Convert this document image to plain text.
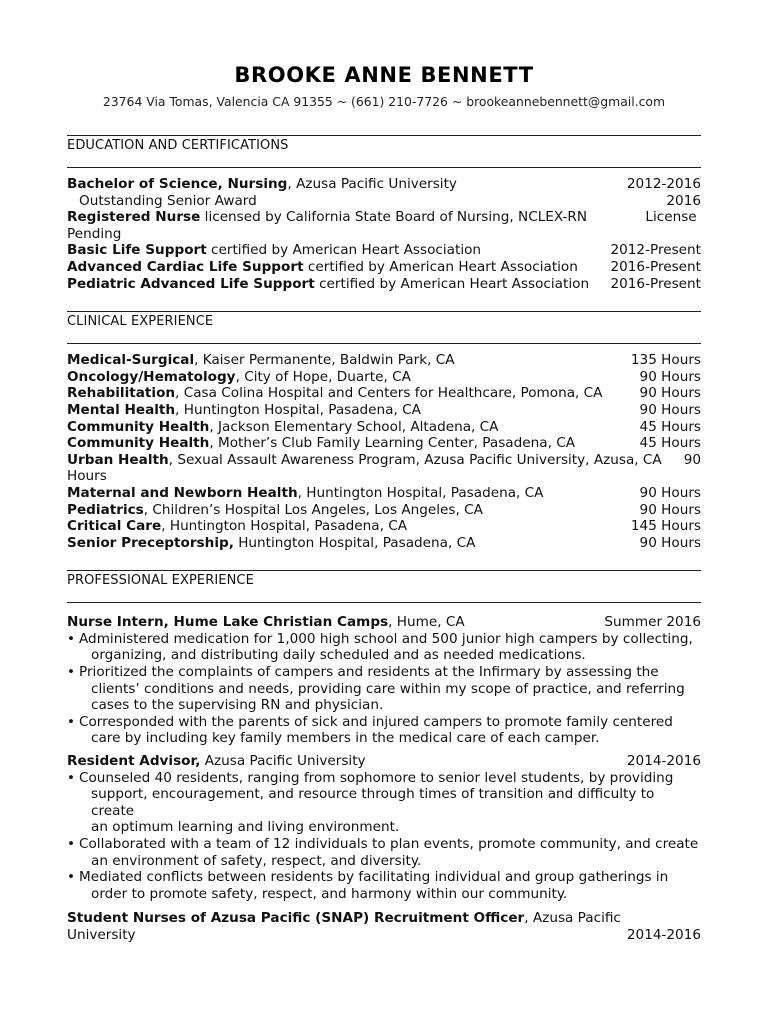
BROOKE ANNE BENNETT
23764 Via Tomas, Valencia CA 91355 ~ (661) 210-7726 ~ brookeannebennett@gmail.com
EDUCATION AND CERTIFICATIONS
Bachelor of Science, Nursing, Azusa Pacific University	2012-2016
Outstanding Senior Award	2016
Registered Nurse licensed by California State Board of Nursing, NCLEX-RN	License
Pending
Basic Life Support certified by American Heart Association	2012-Present
Advanced Cardiac Life Support certified by American Heart Association	2016-Present
Pediatric Advanced Life Support certified by American Heart Association	2016-Present
CLINICAL EXPERIENCE
Medical-Surgical, Kaiser Permanente, Baldwin Park, CA	135 Hours
Oncology/Hematology, City of Hope, Duarte, CA	90 Hours
Rehabilitation, Casa Colina Hospital and Centers for Healthcare, Pomona, CA	90 Hours
Mental Health, Huntington Hospital, Pasadena, CA	90 Hours
Community Health, Jackson Elementary School, Altadena, CA	45 Hours
Community Health, Mother’s Club Family Learning Center, Pasadena, CA	45 Hours
Urban Health, Sexual Assault Awareness Program, Azusa Pacific University, Azusa, CA	90
Hours
Maternal and Newborn Health, Huntington Hospital, Pasadena, CA	90 Hours
Pediatrics, Children’s Hospital Los Angeles, Los Angeles, CA	90 Hours
Critical Care, Huntington Hospital, Pasadena, CA	145 Hours
Senior Preceptorship, Huntington Hospital, Pasadena, CA	90 Hours
PROFESSIONAL EXPERIENCE
Nurse Intern, Hume Lake Christian Camps, Hume, CA	Summer 2016
• Administered medication for 1,000 high school and 500 junior high campers by collecting,
organizing, and distributing daily scheduled and as needed medications.
• Prioritized the complaints of campers and residents at the Infirmary by assessing the
clients’ conditions and needs, providing care within my scope of practice, and referring
cases to the supervising RN and physician.
• Corresponded with the parents of sick and injured campers to promote family centered
care by including key family members in the medical care of each camper.
Resident Advisor, Azusa Pacific University	2014-2016
• Counseled 40 residents, ranging from sophomore to senior level students, by providing
support, encouragement, and resource through times of transition and difficulty to create
an optimum learning and living environment.
• Collaborated with a team of 12 individuals to plan events, promote community, and create
an environment of safety, respect, and diversity.
• Mediated conflicts between residents by facilitating individual and group gatherings in
order to promote safety, respect, and harmony within our community.
Student Nurses of Azusa Pacific (SNAP) Recruitment Officer, Azusa Pacific
University	2014-2016
